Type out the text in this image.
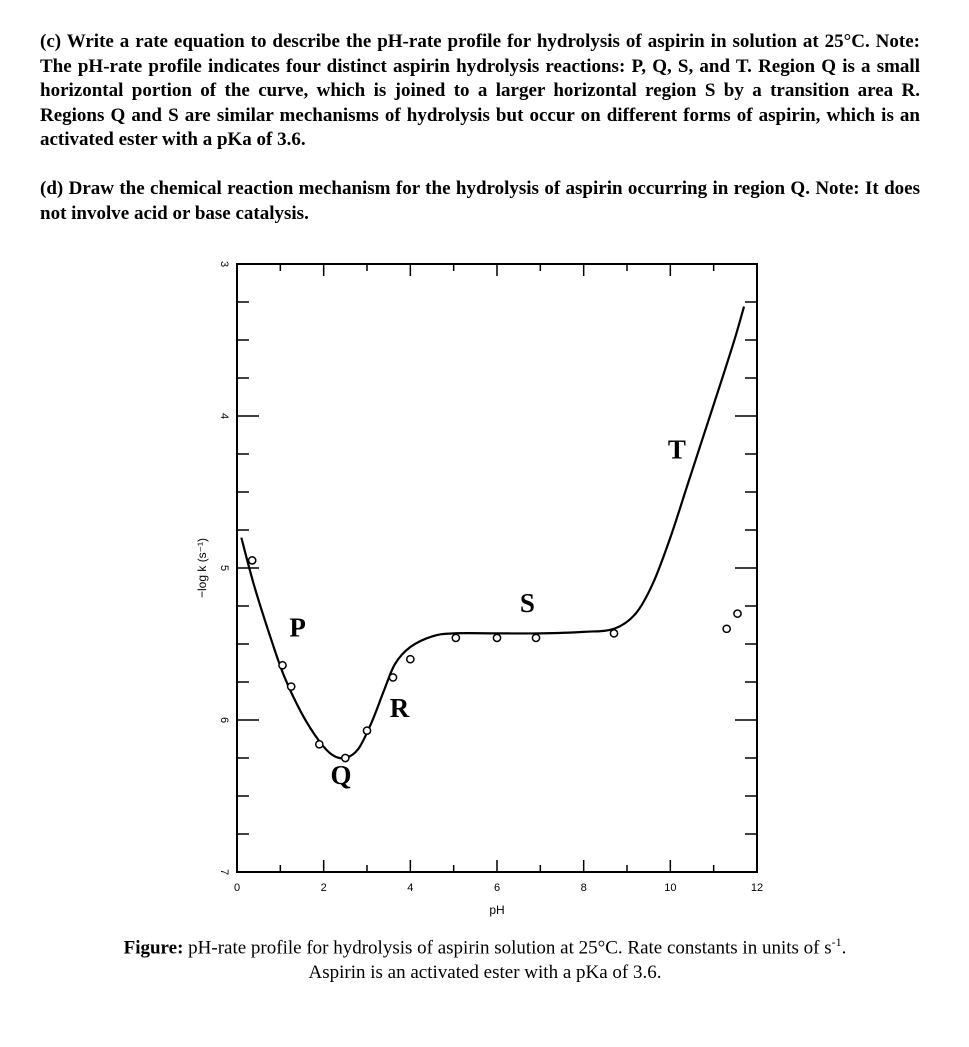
(c) Write a rate equation to describe the pH-rate profile for hydrolysis of aspirin in solution at 25°C. Note: The pH-rate profile indicates four distinct aspirin hydrolysis reactions: P, Q, S, and T. Region Q is a small horizontal portion of the curve, which is joined to a larger horizontal region S by a transition area R. Regions Q and S are similar mechanisms of hydrolysis but occur on different forms of aspirin, which is an activated ester with a pKa of 3.6.

(d) Draw the chemical reaction mechanism for the hydrolysis of aspirin occurring in region Q. Note: It does not involve acid or base catalysis.

0	2	4	6	8	10	12
3
4
5
6
7
pH
−log k (s⁻¹)
P
Q
R
S
T
Figure: pH-rate profile for hydrolysis of aspirin solution at 25°C. Rate constants in units of $s^{-1}$.
Aspirin is an activated ester with a pKa of 3.6.
